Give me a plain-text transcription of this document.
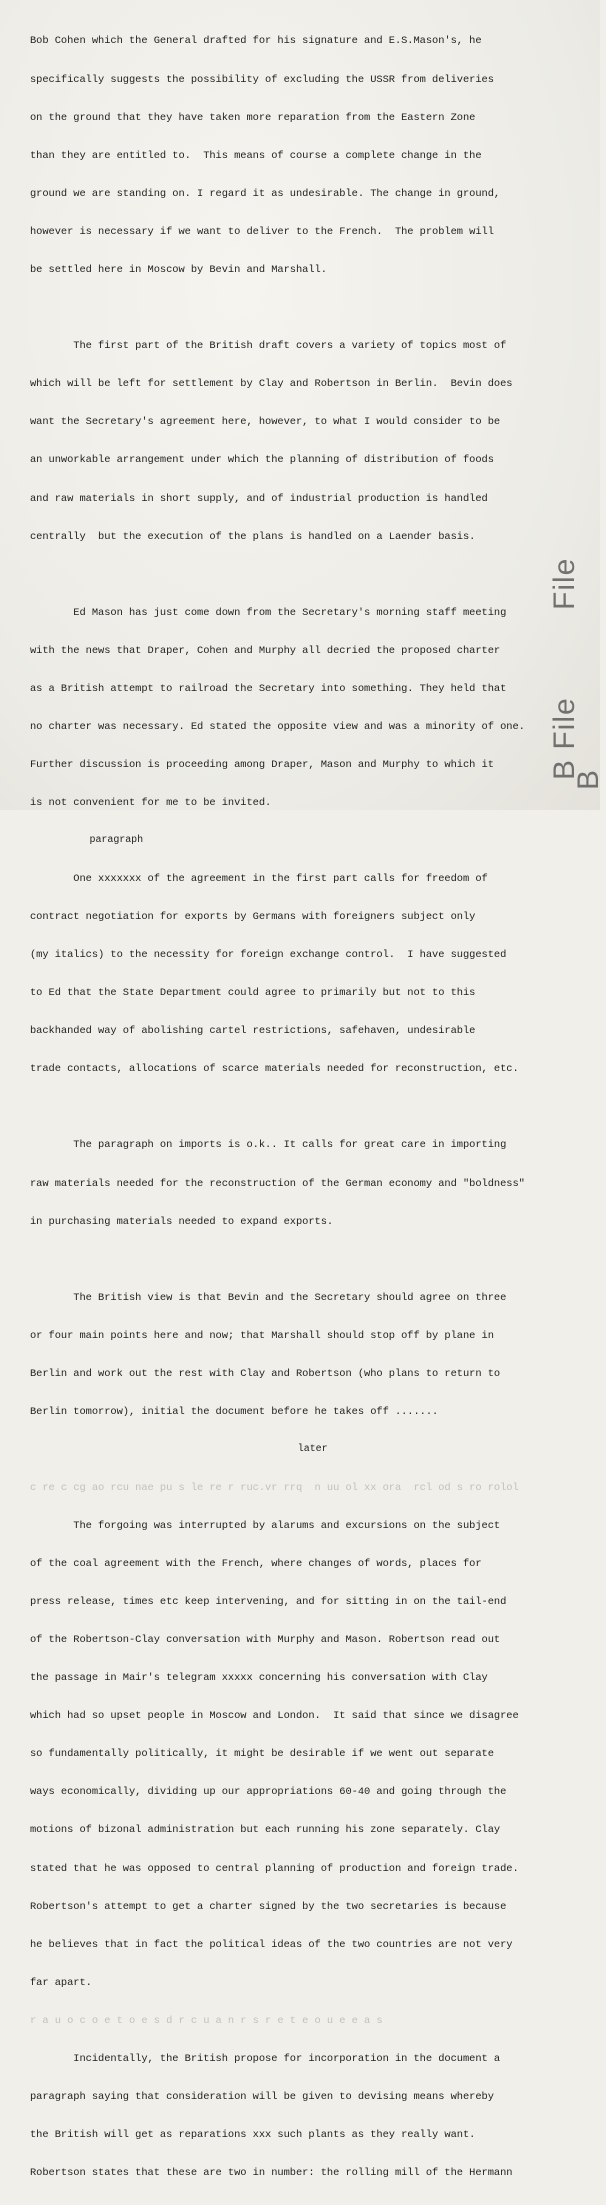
Bob Cohen which the General drafted for his signature and E.S.Mason's, he

specifically suggests the possibility of excluding the USSR from deliveries

on the ground that they have taken more reparation from the Eastern Zone

than they are entitled to.  This means of course a complete change in the

ground we are standing on. I regard it as undesirable. The change in ground,

however is necessary if we want to deliver to the French.  The problem will

be settled here in Moscow by Bevin and Marshall.

The first part of the British draft covers a variety of topics most of

which will be left for settlement by Clay and Robertson in Berlin.  Bevin does

want the Secretary's agreement here, however, to what I would consider to be

an unworkable arrangement under which the planning of distribution of foods

and raw materials in short supply, and of industrial production is handled

centrally  but the execution of the plans is handled on a Laender basis.

Ed Mason has just come down from the Secretary's morning staff meeting

with the news that Draper, Cohen and Murphy all decried the proposed charter

as a British attempt to railroad the Secretary into something. They held that

no charter was necessary. Ed stated the opposite view and was a minority of one.

Further discussion is proceeding among Draper, Mason and Murphy to which it

is not convenient for me to be invited.

paragraph

One xxxxxxx of the agreement in the first part calls for freedom of

contract negotiation for exports by Germans with foreigners subject only

(my italics) to the necessity for foreign exchange control.  I have suggested

to Ed that the State Department could agree to primarily but not to this

backhanded way of abolishing cartel restrictions, safehaven, undesirable

trade contacts, allocations of scarce materials needed for reconstruction, etc.

The paragraph on imports is o.k.. It calls for great care in importing

raw materials needed for the reconstruction of the German economy and "boldness"

in purchasing materials needed to expand exports.

The British view is that Bevin and the Secretary should agree on three

or four main points here and now; that Marshall should stop off by plane in

Berlin and work out the rest with Clay and Robertson (who plans to return to

Berlin tomorrow), initial the document before he takes off .......

later

c re c cg ao rcu nae pu s le re r ruc.vr rrq  n uu ol xx ora  rcl od s ro rolol

The forgoing was interrupted by alarums and excursions on the subject

of the coal agreement with the French, where changes of words, places for

press release, times etc keep intervening, and for sitting in on the tail-end

of the Robertson-Clay conversation with Murphy and Mason. Robertson read out

the passage in Mair's telegram xxxxx concerning his conversation with Clay

which had so upset people in Moscow and London.  It said that since we disagree

so fundamentally politically, it might be desirable if we went out separate

ways economically, dividing up our appropriations 60-40 and going through the

motions of bizonal administration but each running his zone separately. Clay

stated that he was opposed to central planning of production and foreign trade.

Robertson's attempt to get a charter signed by the two secretaries is because

he believes that in fact the political ideas of the two countries are not very

far apart.

r a u o c o e t o e s d r c u a n r s r e t e o u e e a s

Incidentally, the British propose for incorporation in the document a

paragraph saying that consideration will be given to devising means whereby

the British will get as reparations xxx such plants as they really want.

Robertson states that these are two in number: the rolling mill of the Hermann

File
B File
B
